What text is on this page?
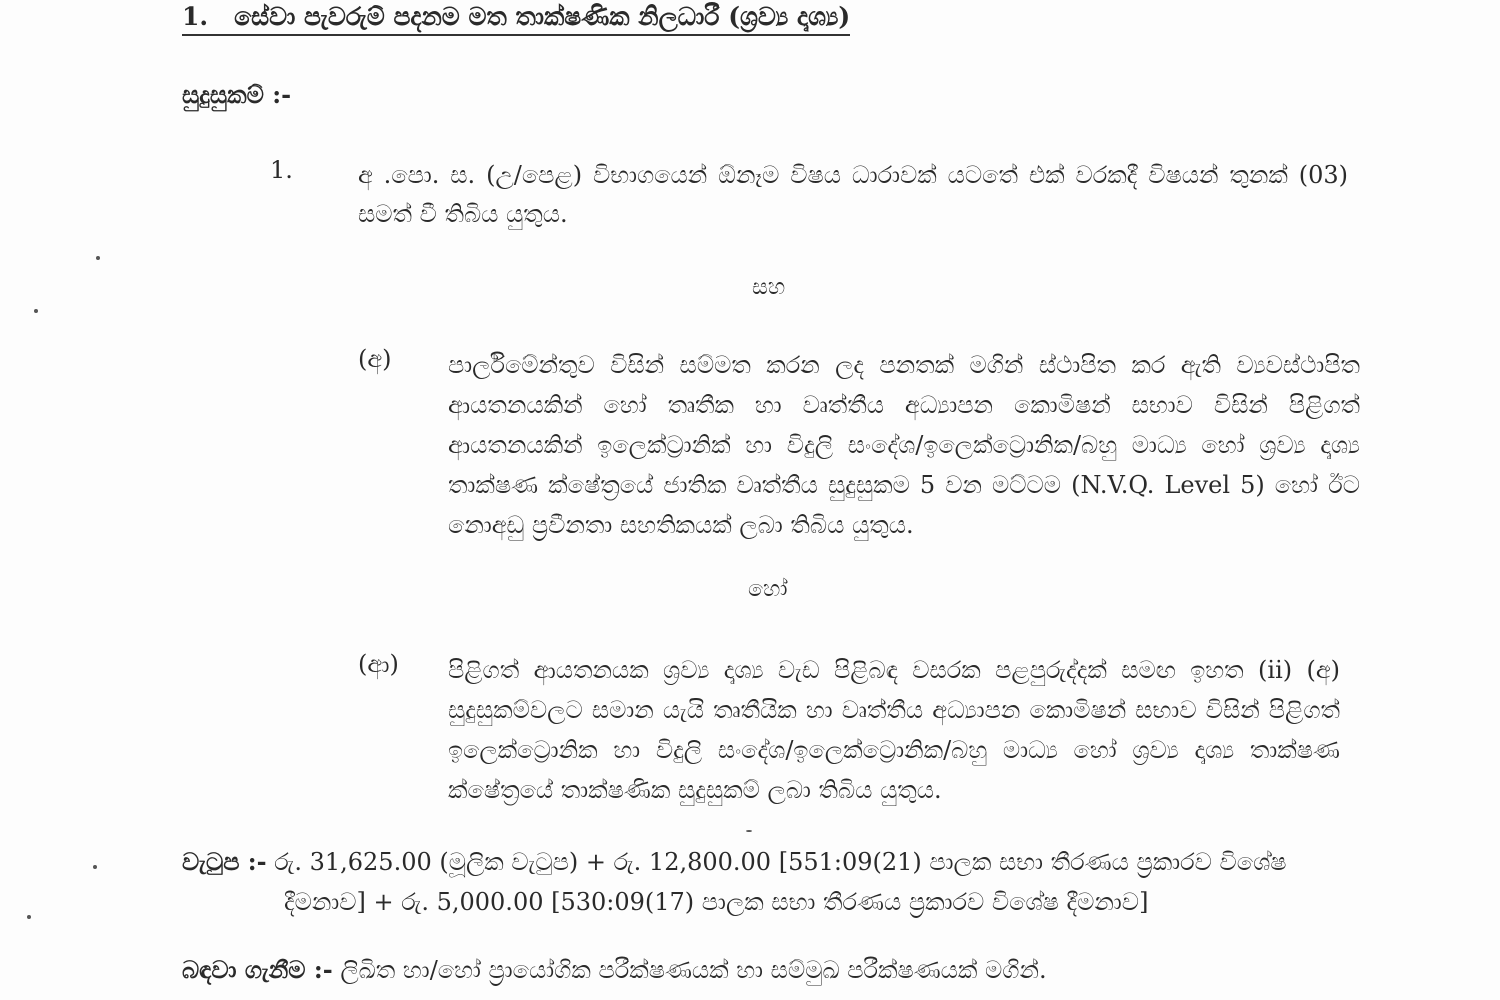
1. සේවා පැවරුම් පදනම මත තාක්ෂණික නිලධාරී (ශ්‍රව්‍ය දෘශ්‍ය)
සුදුසුකම් :-
1.	අ .පො. ස. (උ/පෙළ) විභාගයෙන් ඕනෑම විෂය ධාරාවක් යටතේ එක් වරකදී විෂයන් තුනක් (03) සමත් වී තිබිය යුතුය.
සහ
(අ) පාර්ලිමේන්තුව විසින් සම්මත කරන ලද පනතක් මගින් ස්ථාපිත කර ඇති ව්‍යවස්ථාපිත ආයතනයකින් හෝ තෘතීක හා වෘත්තීය අධ්‍යාපන කොමිෂන් සභාව විසින් පිළිගත් ආයතනයකින් ඉලෙක්ට්‍රානික් හා විදුලි සංදේශ/ඉලෙක්ට්‍රොනික/බහු මාධ්‍ය හෝ ශ්‍රව්‍ය දෘශ්‍ය තාක්ෂණ ක්ෂේත්‍රයේ ජාතික වෘත්තීය සුදුසුකම 5 වන මට්ටම (N.V.Q. Level 5) හෝ ඊට නොඅඩු ප්‍රවීනතා සහතිකයක් ලබා තිබිය යුතුය.
හෝ
(ආ) පිළිගත් ආයතනයක ශ්‍රව්‍ය දෘශ්‍ය වැඩ පිළිබඳ වසරක පළපුරුද්දක් සමඟ ඉහත (ii) (අ) සුදුසුකම්වලට සමාන යැයි තෘතීයික හා වෘත්තීය අධ්‍යාපන කොමිෂන් සභාව විසින් පිළිගත් ඉලෙක්ට්‍රොනික හා විදුලි සංදේශ/ඉලෙක්ට්‍රොනික/බහු මාධ්‍ය හෝ ශ්‍රව්‍ය දෘශ්‍ය තාක්ෂණ ක්ෂේත්‍රයේ තාක්ෂණික සුදුසුකම් ලබා තිබිය යුතුය.
වැටුප :- රු. 31,625.00 (මූලික වැටුප) + රු. 12,800.00 [551:09(21) පාලක සභා තීරණය ප්‍රකාරව විශේෂ
දීමනාව] + රු. 5,000.00 [530:09(17) පාලක සභා තීරණය ප්‍රකාරව විශේෂ දීමනාව]
බඳවා ගැනීම :- ලිඛිත හා/හෝ ප්‍රායෝගික පරීක්ෂණයක් හා සම්මුඛ පරීක්ෂණයක් මගින්.
